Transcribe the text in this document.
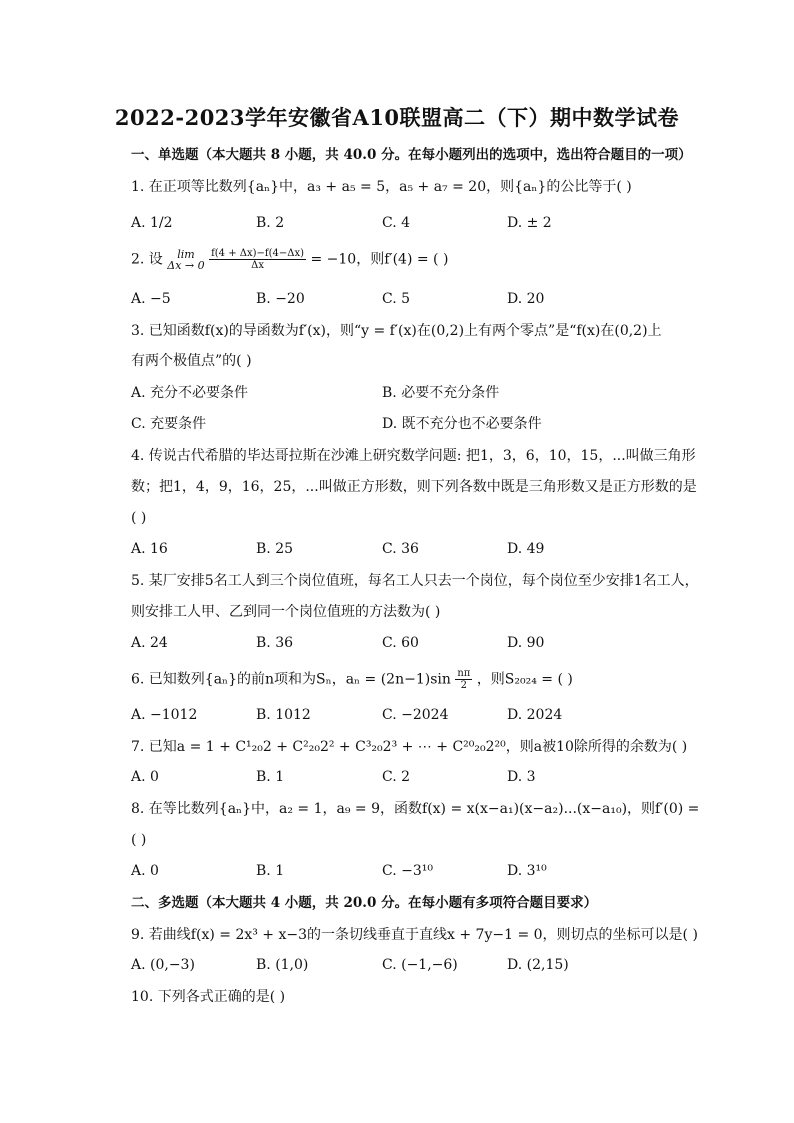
2022-2023学年安徽省A10联盟高二（下）期中数学试卷
一、单选题（本大题共 8 小题，共 40.0 分。在每小题列出的选项中，选出符合题目的一项）
1. 在正项等比数列{aₙ}中，a₃ + a₅ = 5，a₅ + a₇ = 20，则{aₙ}的公比等于( )
A. 1/2	B. 2	C. 4	D. ± 2
2. 设	lim
Δx → 0
$\frac{f(4 + \Delta x)-f(4-\Delta x)}{\Delta x} = -10$，则f′(4) = ( )
A. −5	B. −20	C. 5	D. 20
3. 已知函数f(x)的导函数为f′(x)，则“y = f′(x)在(0,2)上有两个零点”是“f(x)在(0,2)上
有两个极值点”的( )
A. 充分不必要条件	B. 必要不充分条件
C. 充要条件	D. 既不充分也不必要条件
4. 传说古代希腊的毕达哥拉斯在沙滩上研究数学问题: 把1，3，6，10，15，...叫做三角形
数；把1，4，9，16，25，...叫做正方形数，则下列各数中既是三角形数又是正方形数的是
( )
A. 16	B. 25	C. 36	D. 49
5. 某厂安排5名工人到三个岗位值班，每名工人只去一个岗位，每个岗位至少安排1名工人，
则安排工人甲、乙到同一个岗位值班的方法数为( )
A. 24	B. 36	C. 60	D. 90
6. 已知数列{aₙ}的前n项和为Sₙ，$a_n = (2n-1)\sin \frac{n\pi}{2}$ ，则S₂₀₂₄ = ( )
A. −1012	B. 1012	C. −2024	D. 2024
7. 已知a = 1 + C¹₂₀2 + C²₂₀2² + C³₂₀2³ + ⋯ + C²⁰₂₀2²⁰，则a被10除所得的余数为( )
A. 0	B. 1	C. 2	D. 3
8. 在等比数列{aₙ}中，a₂ = 1，a₉ = 9，函数f(x) = x(x−a₁)(x−a₂)...(x−a₁₀)，则f′(0) =
( )
A. 0	B. 1	C. −3¹⁰	D. 3¹⁰
二、多选题（本大题共 4 小题，共 20.0 分。在每小题有多项符合题目要求）
9. 若曲线f(x) = 2x³ + x−3的一条切线垂直于直线x + 7y−1 = 0，则切点的坐标可以是( )
A. (0,−3)	B. (1,0)	C. (−1,−6)	D. (2,15)
10. 下列各式正确的是( )
